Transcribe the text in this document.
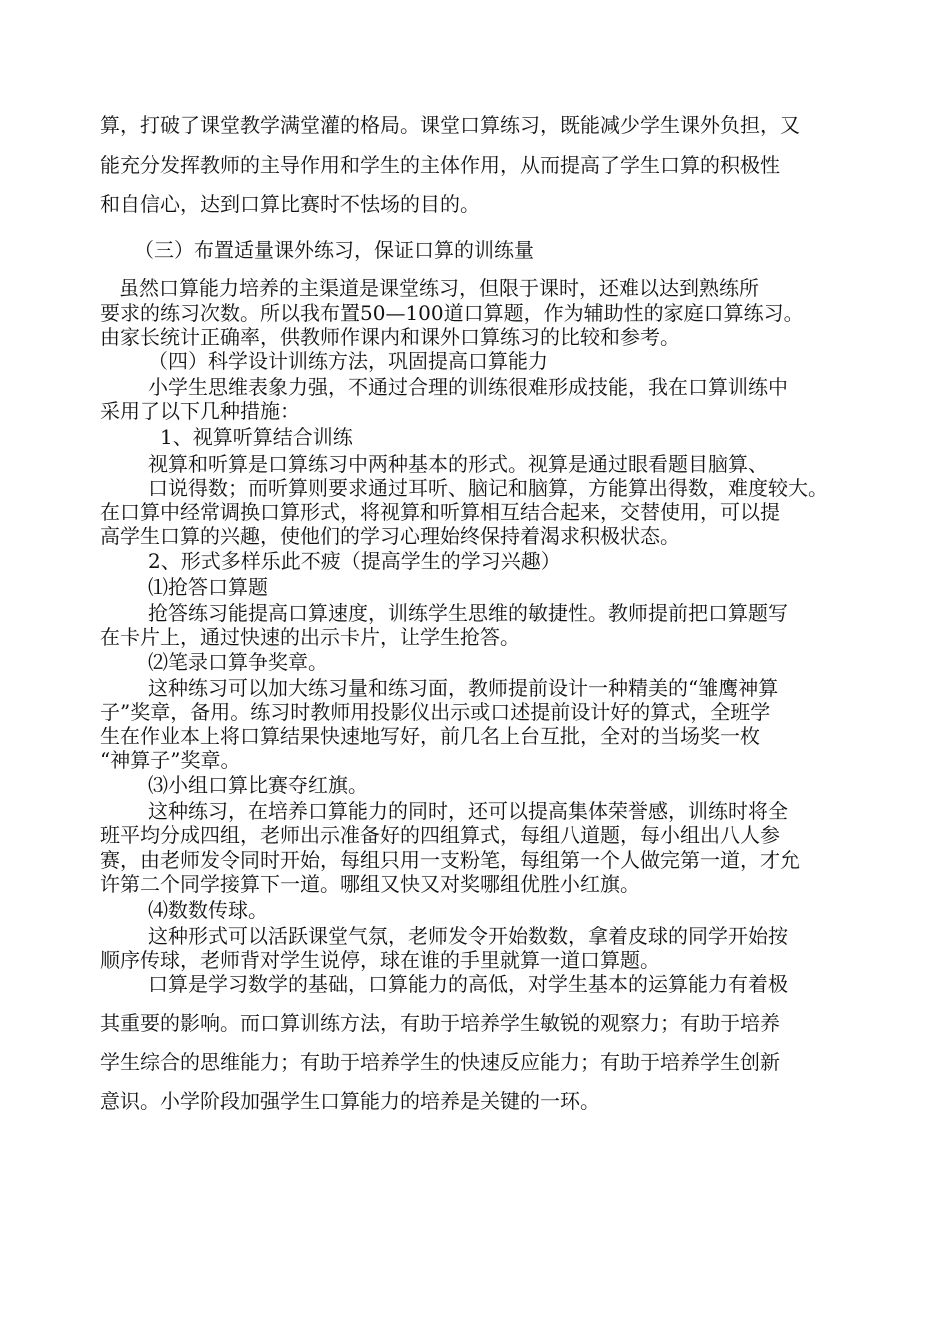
算，打破了课堂教学满堂灌的格局。课堂口算练习，既能减少学生课外负担，又
能充分发挥教师的主导作用和学生的主体作用，从而提高了学生口算的积极性
和自信心，达到口算比赛时不怯场的目的。
（三）布置适量课外练习，保证口算的训练量
虽然口算能力培养的主渠道是课堂练习，但限于课时，还难以达到熟练所
要求的练习次数。所以我布置50—100道口算题，作为辅助性的家庭口算练习。
由家长统计正确率，供教师作课内和课外口算练习的比较和参考。
（四）科学设计训练方法，巩固提高口算能力
小学生思维表象力强，不通过合理的训练很难形成技能，我在口算训练中
采用了以下几种措施：
1、视算听算结合训练
视算和听算是口算练习中两种基本的形式。视算是通过眼看题目脑算、
口说得数；而听算则要求通过耳听、脑记和脑算，方能算出得数，难度较大。
在口算中经常调换口算形式，将视算和听算相互结合起来，交替使用，可以提
高学生口算的兴趣，使他们的学习心理始终保持着渴求积极状态。
2、形式多样乐此不疲（提高学生的学习兴趣）
⑴抢答口算题
抢答练习能提高口算速度，训练学生思维的敏捷性。教师提前把口算题写
在卡片上，通过快速的出示卡片，让学生抢答。
⑵笔录口算争奖章。
这种练习可以加大练习量和练习面，教师提前设计一种精美的“雏鹰神算
子”奖章，备用。练习时教师用投影仪出示或口述提前设计好的算式，全班学
生在作业本上将口算结果快速地写好，前几名上台互批，全对的当场奖一枚
“神算子”奖章。
⑶小组口算比赛夺红旗。
这种练习，在培养口算能力的同时，还可以提高集体荣誉感，训练时将全
班平均分成四组，老师出示准备好的四组算式，每组八道题，每小组出八人参
赛，由老师发令同时开始，每组只用一支粉笔，每组第一个人做完第一道，才允
许第二个同学接算下一道。哪组又快又对奖哪组优胜小红旗。
⑷数数传球。
这种形式可以活跃课堂气氛，老师发令开始数数，拿着皮球的同学开始按
顺序传球，老师背对学生说停，球在谁的手里就算一道口算题。
口算是学习数学的基础，口算能力的高低，对学生基本的运算能力有着极
其重要的影响。而口算训练方法，有助于培养学生敏锐的观察力；有助于培养
学生综合的思维能力；有助于培养学生的快速反应能力；有助于培养学生创新
意识。小学阶段加强学生口算能力的培养是关键的一环。
